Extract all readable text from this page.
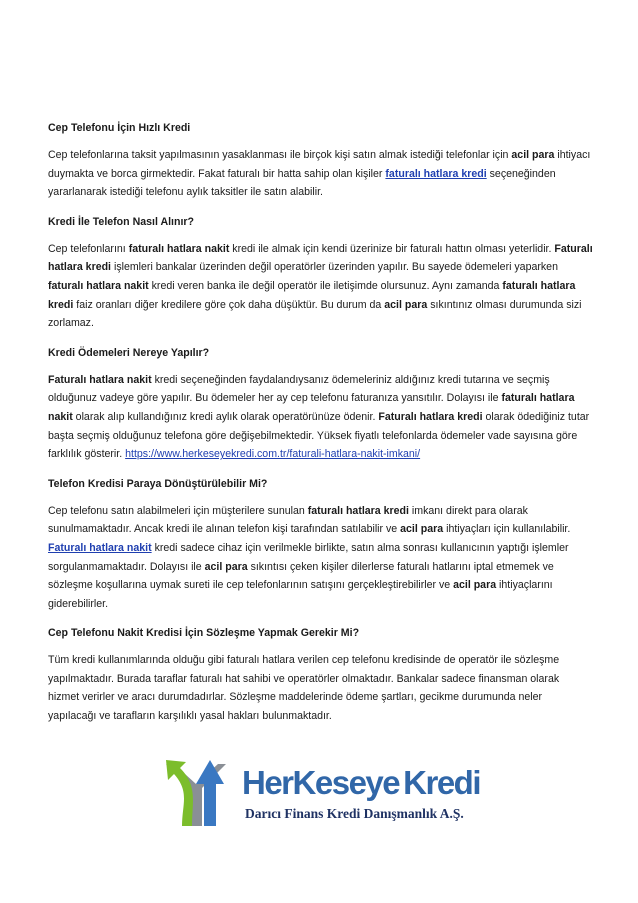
Cep Telefonu İçin Hızlı Kredi
Cep telefonlarına taksit yapılmasının yasaklanması ile birçok kişi satın almak istediği telefonlar için acil para ihtiyacı duymakta ve borca girmektedir. Fakat faturalı bir hatta sahip olan kişiler faturalı hatlara kredi seçeneğinden yararlanarak istediği telefonu aylık taksitler ile satın alabilir.
Kredi İle Telefon Nasıl Alınır?
Cep telefonlarını faturalı hatlara nakit kredi ile almak için kendi üzerinize bir faturalı hattın olması yeterlidir. Faturalı hatlara kredi işlemleri bankalar üzerinden değil operatörler üzerinden yapılır. Bu sayede ödemeleri yaparken faturalı hatlara nakit kredi veren banka ile değil operatör ile iletişimde olursunuz. Aynı zamanda faturalı hatlara kredi faiz oranları diğer kredilere göre çok daha düşüktür. Bu durum da acil para sıkıntınız olması durumunda sizi zorlamaz.
Kredi Ödemeleri Nereye Yapılır?
Faturalı hatlara nakit kredi seçeneğinden faydalandıysanız ödemeleriniz aldığınız kredi tutarına ve seçmiş olduğunuz vadeye göre yapılır. Bu ödemeler her ay cep telefonu faturanıza yansıtılır. Dolayısı ile faturalı hatlara nakit olarak alıp kullandığınız kredi aylık olarak operatörünüze ödenir. Faturalı hatlara kredi olarak ödediğiniz tutar başta seçmiş olduğunuz telefona göre değişebilmektedir. Yüksek fiyatlı telefonlarda ödemeler vade sayısına göre farklılık gösterir. https://www.herkeseyekredi.com.tr/faturali-hatlara-nakit-imkani/
Telefon Kredisi Paraya Dönüştürülebilir Mi?
Cep telefonu satın alabilmeleri için müşterilere sunulan faturalı hatlara kredi imkanı direkt para olarak sunulmamaktadır. Ancak kredi ile alınan telefon kişi tarafından satılabilir ve acil para ihtiyaçları için kullanılabilir. Faturalı hatlara nakit kredi sadece cihaz için verilmekle birlikte, satın alma sonrası kullanıcının yaptığı işlemler sorgulanmamaktadır. Dolayısı ile acil para sıkıntısı çeken kişiler dilerlerse faturalı hatlarını iptal etmemek ve sözleşme koşullarına uymak sureti ile cep telefonlarının satışını gerçekleştirebilirler ve acil para ihtiyaçlarını giderebilirler.
Cep Telefonu Nakit Kredisi İçin Sözleşme Yapmak Gerekir Mi?
Tüm kredi kullanımlarında olduğu gibi faturalı hatlara verilen cep telefonu kredisinde de operatör ile sözleşme yapılmaktadır. Burada taraflar faturalı hat sahibi ve operatörler olmaktadır. Bankalar sadece finansman olarak hizmet verirler ve aracı durumdadırlar. Sözleşme maddelerinde ödeme şartları, gecikme durumunda neler yapılacağı ve tarafların karşılıklı yasal hakları bulunmaktadır.
HerKeseye Kredi
Darıcı Finans Kredi Danışmanlık A.Ş.
